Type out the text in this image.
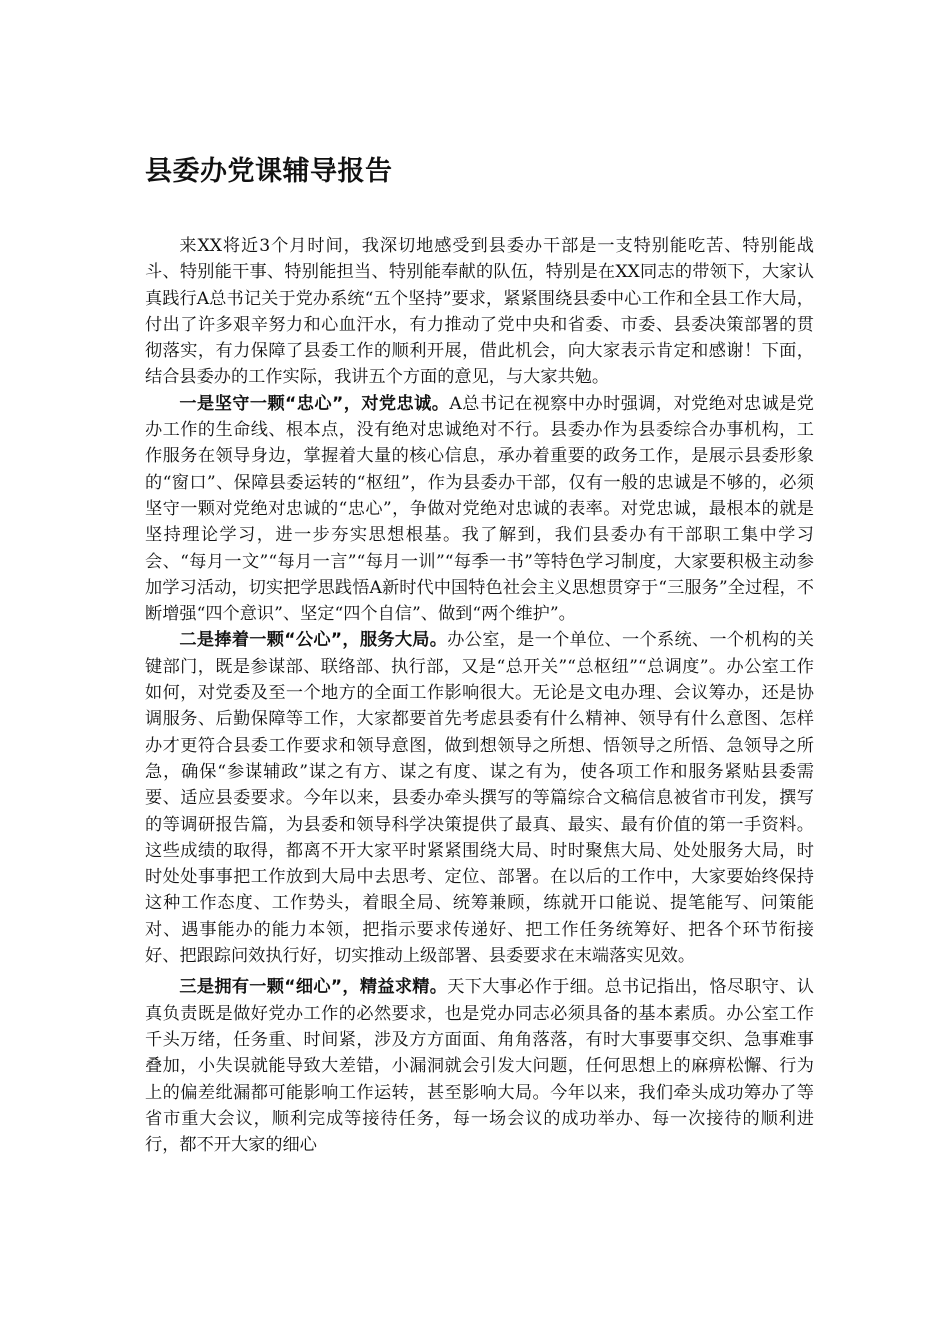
县委办党课辅导报告

来XX将近3个月时间，我深切地感受到县委办干部是一支特别能吃苦、特别能战斗、特别能干事、特别能担当、特别能奉献的队伍，特别是在XX同志的带领下，大家认真践行A总书记关于党办系统“五个坚持”要求，紧紧围绕县委中心工作和全县工作大局，付出了许多艰辛努力和心血汗水，有力推动了党中央和省委、市委、县委决策部署的贯彻落实，有力保障了县委工作的顺利开展，借此机会，向大家表示肯定和感谢！下面，结合县委办的工作实际，我讲五个方面的意见，与大家共勉。

一是坚守一颗“忠心”，对党忠诚。A总书记在视察中办时强调，对党绝对忠诚是党办工作的生命线、根本点，没有绝对忠诚绝对不行。县委办作为县委综合办事机构，工作服务在领导身边，掌握着大量的核心信息，承办着重要的政务工作，是展示县委形象的“窗口”、保障县委运转的“枢纽”，作为县委办干部，仅有一般的忠诚是不够的，必须坚守一颗对党绝对忠诚的“忠心”，争做对党绝对忠诚的表率。对党忠诚，最根本的就是坚持理论学习，进一步夯实思想根基。我了解到，我们县委办有干部职工集中学习会、“每月一文”“每月一言”“每月一训”“每季一书”等特色学习制度，大家要积极主动参加学习活动，切实把学思践悟A新时代中国特色社会主义思想贯穿于“三服务”全过程，不断增强“四个意识”、坚定“四个自信”、做到“两个维护”。

二是捧着一颗“公心”，服务大局。办公室，是一个单位、一个系统、一个机构的关键部门，既是参谋部、联络部、执行部，又是“总开关”“总枢纽”“总调度”。办公室工作如何，对党委及至一个地方的全面工作影响很大。无论是文电办理、会议筹办，还是协调服务、后勤保障等工作，大家都要首先考虑县委有什么精神、领导有什么意图、怎样办才更符合县委工作要求和领导意图，做到想领导之所想、悟领导之所悟、急领导之所急，确保“参谋辅政”谋之有方、谋之有度、谋之有为，使各项工作和服务紧贴县委需要、适应县委要求。今年以来，县委办牵头撰写的等篇综合文稿信息被省市刊发，撰写的等调研报告篇，为县委和领导科学决策提供了最真、最实、最有价值的第一手资料。这些成绩的取得，都离不开大家平时紧紧围绕大局、时时聚焦大局、处处服务大局，时时处处事事把工作放到大局中去思考、定位、部署。在以后的工作中，大家要始终保持这种工作态度、工作势头，着眼全局、统筹兼顾，练就开口能说、提笔能写、问策能对、遇事能办的能力本领，把指示要求传递好、把工作任务统筹好、把各个环节衔接好、把跟踪问效执行好，切实推动上级部署、县委要求在末端落实见效。

三是拥有一颗“细心”，精益求精。天下大事必作于细。总书记指出，恪尽职守、认真负责既是做好党办工作的必然要求，也是党办同志必须具备的基本素质。办公室工作千头万绪，任务重、时间紧，涉及方方面面、角角落落，有时大事要事交织、急事难事叠加，小失误就能导致大差错，小漏洞就会引发大问题，任何思想上的麻痹松懈、行为上的偏差纰漏都可能影响工作运转，甚至影响大局。今年以来，我们牵头成功筹办了等省市重大会议，顺利完成等接待任务，每一场会议的成功举办、每一次接待的顺利进行，都不开大家的细心
